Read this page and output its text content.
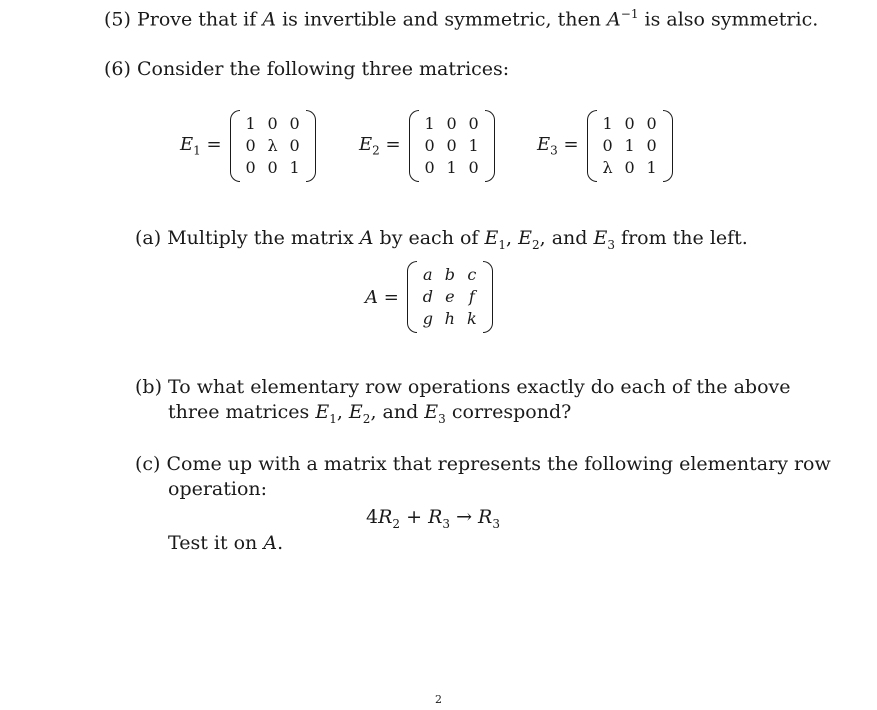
(5) Prove that if A is invertible and symmetric, then $A^{-1}$ is also symmetric.
(6) Consider the following three matrices:
$E_1$ =
1 0 0
0 λ 0
0 0 1
$E_2$ =
1 0 0
0 0 1
0 1 0
$E_3$ =
1 0 0
0 1 0
λ 0 1
(a) Multiply the matrix A by each of $E_1$, $E_2$, and $E_3$ from the left.
A =
a b c
d e f
g h k
(b) To what elementary row operations exactly do each of the above
three matrices $E_1$, $E_2$, and $E_3$ correspond?
(c) Come up with a matrix that represents the following elementary row
operation:
$4R_2 + R_3 \to R_3$
Test it on A.
2
